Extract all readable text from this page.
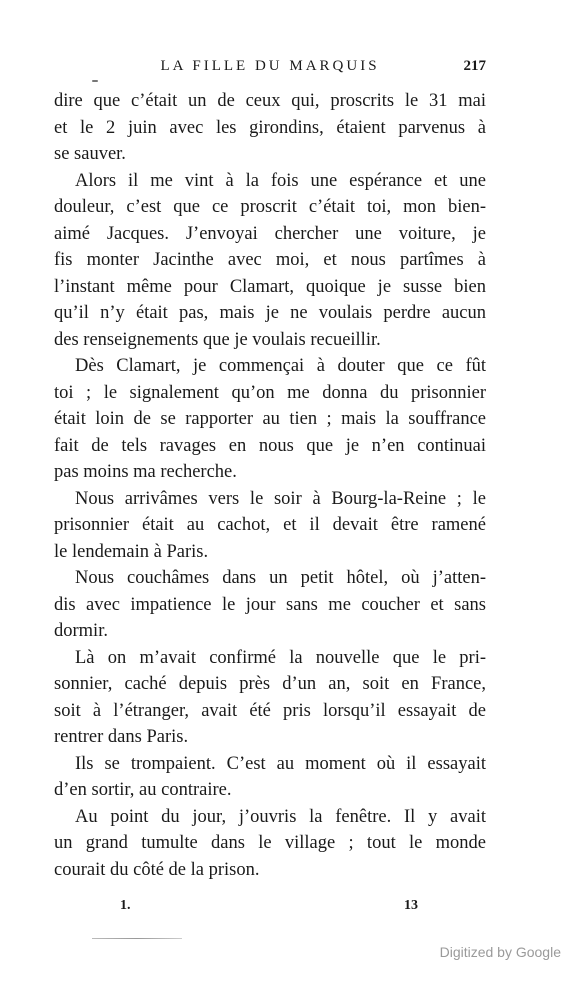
LA FILLE DU MARQUIS	217

dire que c’était un de ceux qui, proscrits le 31 mai
et le 2 juin avec les girondins, étaient parvenus à
se sauver.

Alors il me vint à la fois une espérance et une
douleur, c’est que ce proscrit c’était toi, mon bien-
aimé Jacques. J’envoyai chercher une voiture, je
fis monter Jacinthe avec moi, et nous partîmes à
l’instant même pour Clamart, quoique je susse bien
qu’il n’y était pas, mais je ne voulais perdre aucun
des renseignements que je voulais recueillir.

Dès Clamart, je commençai à douter que ce fût
toi ; le signalement qu’on me donna du prisonnier
était loin de se rapporter au tien ; mais la souffrance
fait de tels ravages en nous que je n’en continuai
pas moins ma recherche.

Nous arrivâmes vers le soir à Bourg-la-Reine ; le
prisonnier était au cachot, et il devait être ramené
le lendemain à Paris.

Nous couchâmes dans un petit hôtel, où j’atten-
dis avec impatience le jour sans me coucher et sans
dormir.

Là on m’avait confirmé la nouvelle que le pri-
sonnier, caché depuis près d’un an, soit en France,
soit à l’étranger, avait été pris lorsqu’il essayait de
rentrer dans Paris.

Ils se trompaient. C’est au moment où il essayait
d’en sortir, au contraire.

Au point du jour, j’ouvris la fenêtre. Il y avait
un grand tumulte dans le village ; tout le monde
courait du côté de la prison.

1.	13
Digitized by Google
